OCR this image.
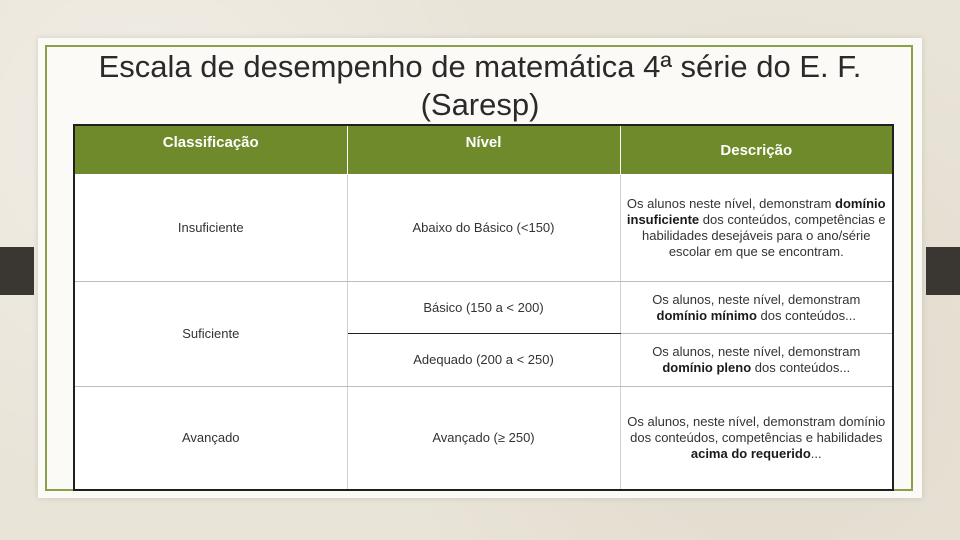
Escala de desempenho de matemática 4ª série do E. F.
(Saresp)
Classificação	Nível	Descrição
Insuficiente	Abaixo do Básico (<150)	Os alunos neste nível, demonstram domínio insuficiente dos conteúdos, competências e habilidades desejáveis para o ano/série escolar em que se encontram.
Suficiente	Básico (150 a < 200)	Os alunos, neste nível, demonstram domínio mínimo dos conteúdos...
	Adequado (200 a < 250)	Os alunos, neste nível, demonstram domínio pleno dos conteúdos...
Avançado	Avançado (≥ 250)	Os alunos, neste nível, demonstram domínio dos conteúdos, competências e habilidades acima do requerido...
